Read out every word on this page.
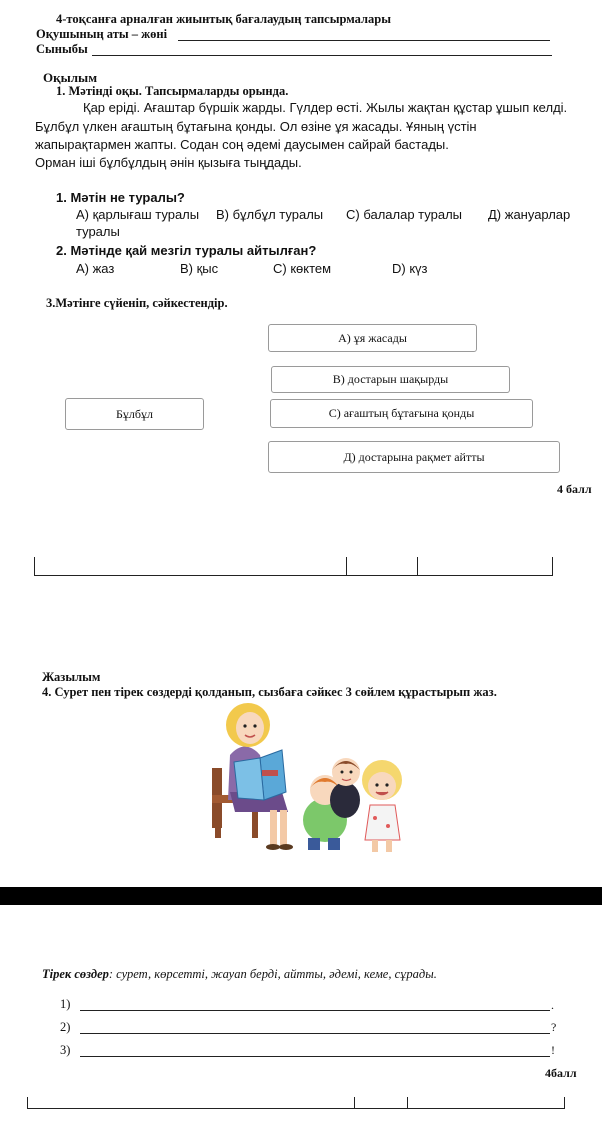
4-тоқсанға арналған жиынтық бағалаудың тапсырмалары
Оқушының аты – жөні
Сыныбы
Оқылым
1. Мәтінді оқы. Тапсырмаларды орында.
Қар ерiдi. Ағаштар бүршiк жарды. Гүлдер өстi. Жылы жақтан құстар ұшып келдi.
Бұлбұл үлкен ағаштың бұтағына қонды. Ол өзiне ұя жасады. Ұяның үстiн
жапырақтармен жапты. Содан соң әдемi даусымен сайрай бастады.
Орман iшi бұлбұлдың әнiн қызыға тыңдады.
1. Мәтін не туралы?
А) қарлығаш туралы В) бұлбұл туралы С) балалар туралы Д) жануарлар
туралы
2. Мәтінде қай мезгіл туралы айтылған?
А) жаз	В) қыс	С) көктем	D) күз
3.Мәтінге сүйеніп, сәйкестендір.
А) ұя жасады
В) достарын шақырды
Бұлбұл	С) ағаштың бұтағына қонды
Д) достарына рақмет айтты
4 балл
Жазылым
4. Сурет пен тірек сөздерді қолданып, сызбаға сәйкес 3 сөйлем құрастырып жаз.
Тірек сөздер: сурет, көрсетті, жауап берді, айтты, әдемі, кеме, сұрады.
1)	.
2)	?
3)	!
4балл
